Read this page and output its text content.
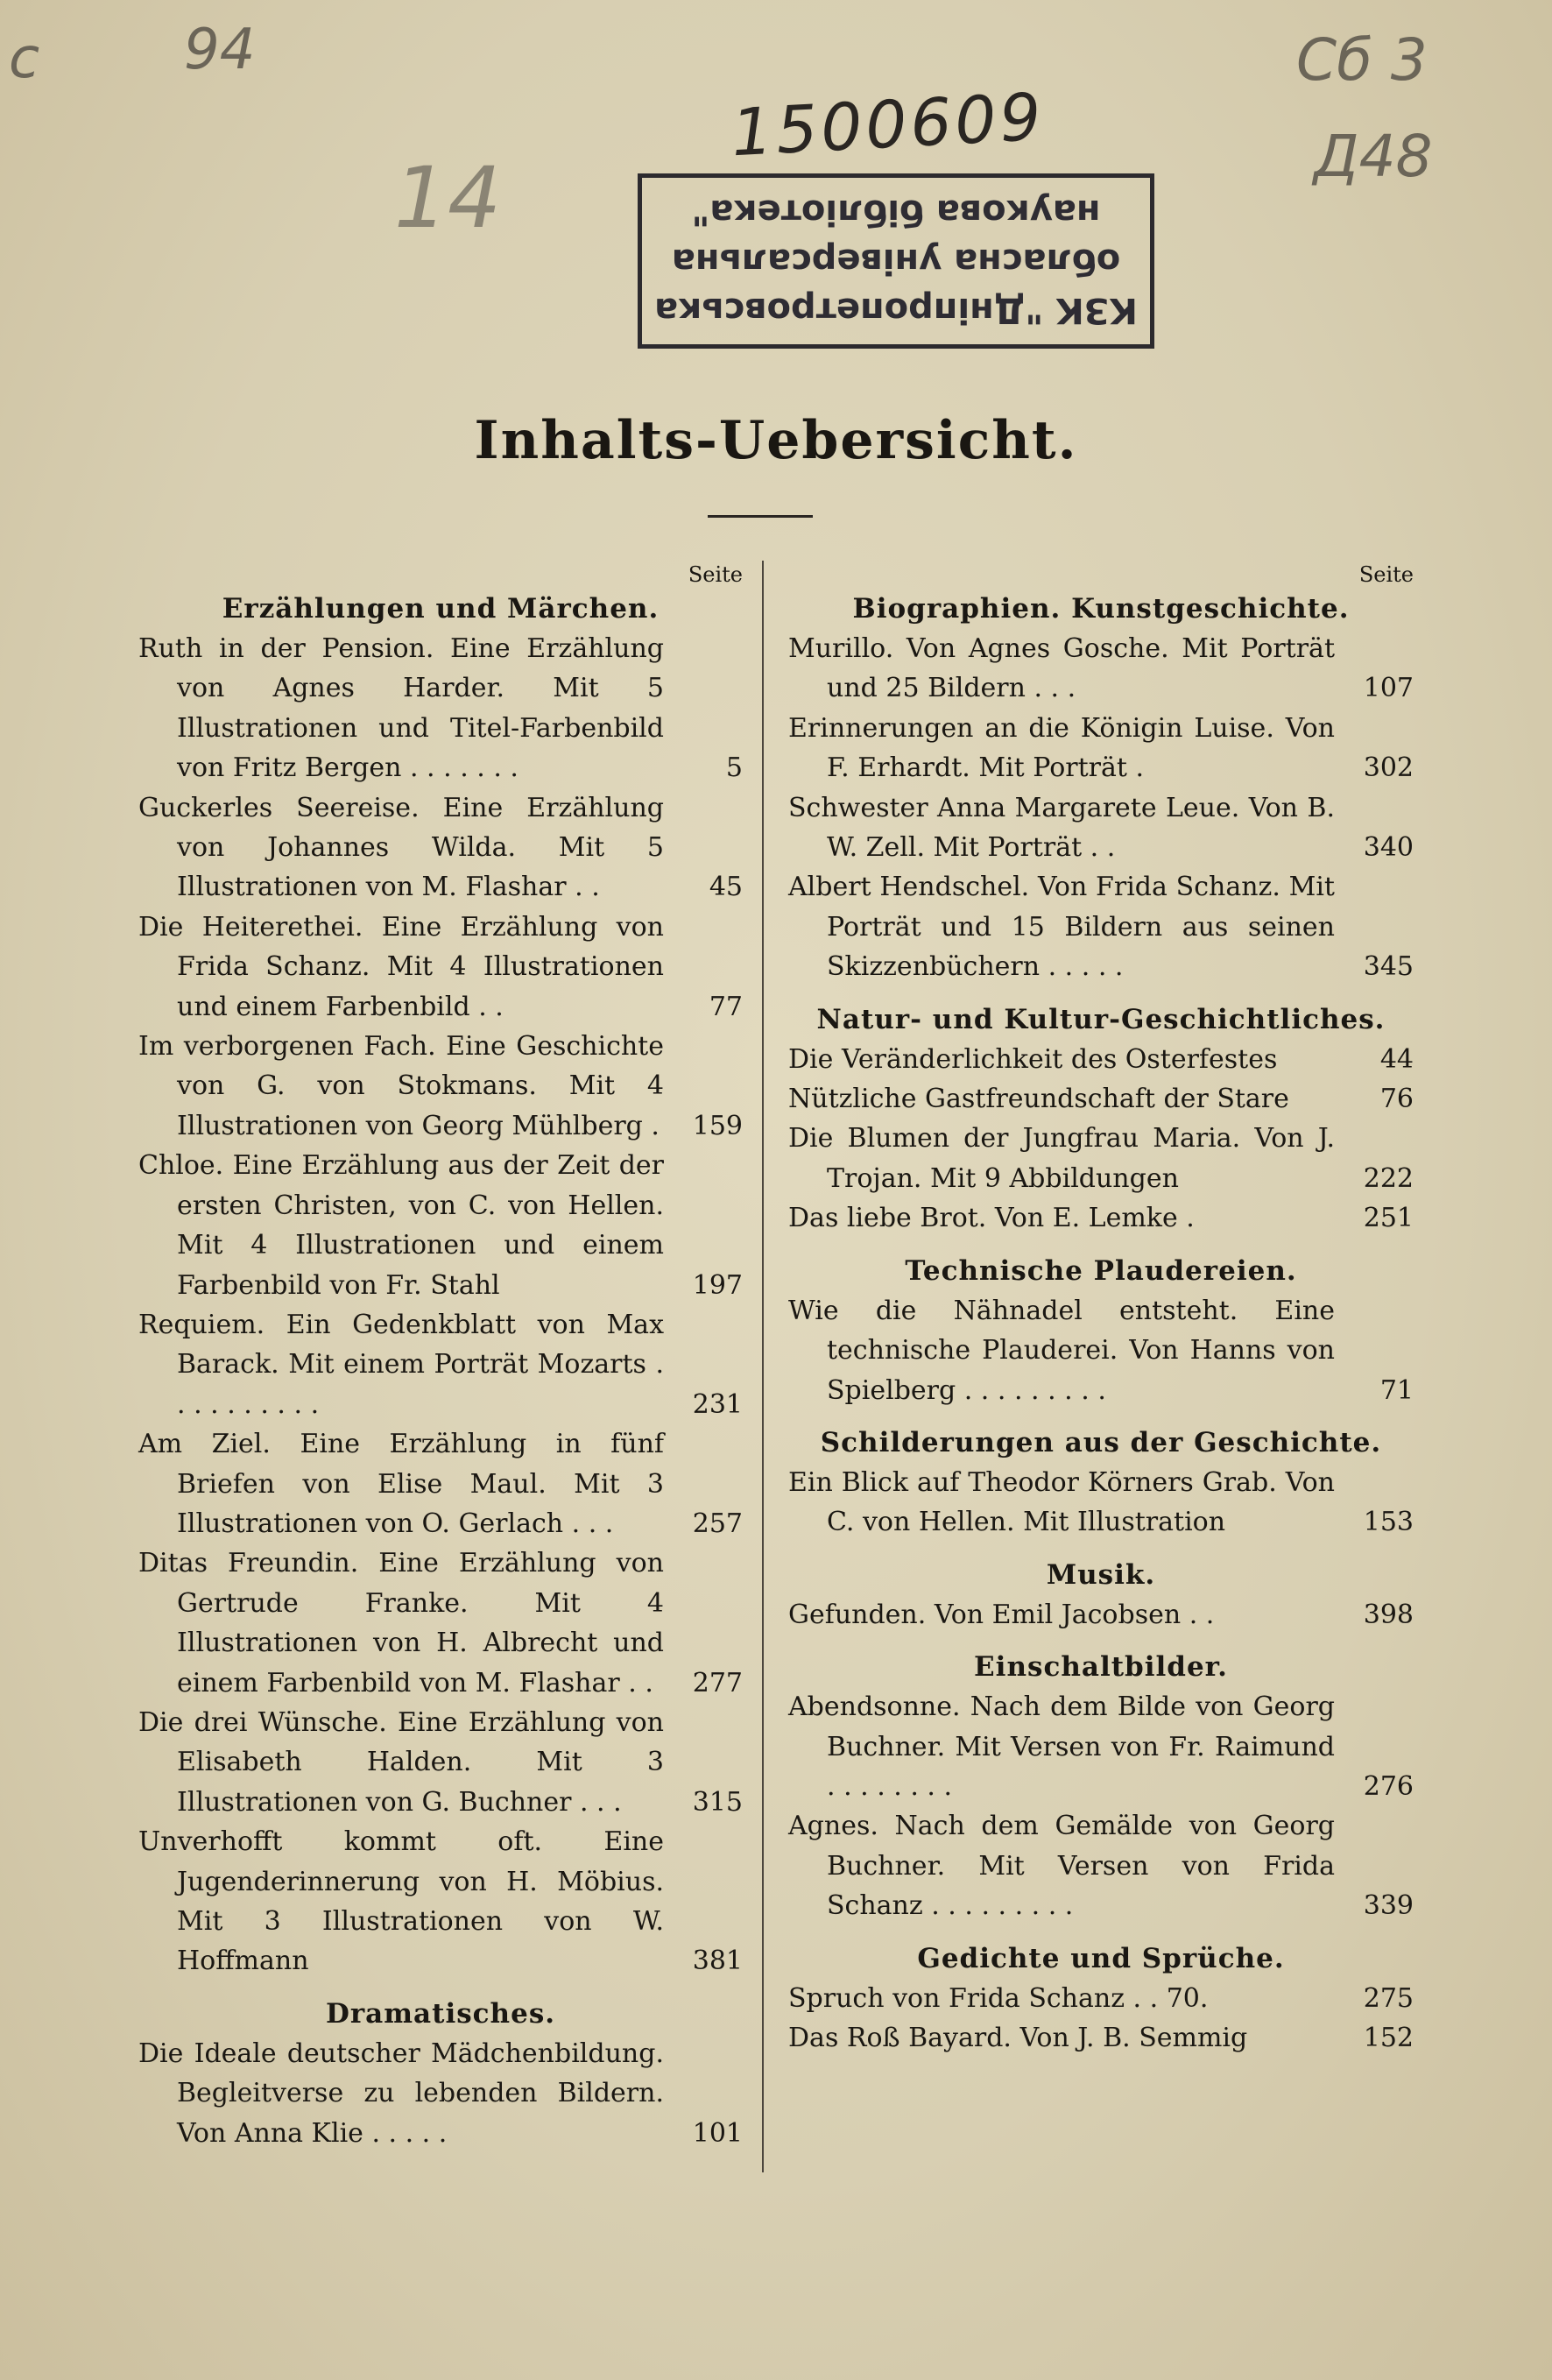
c	94
1500609
14
Сб 3
Д48
КЗК "Дніпропетровська
обласна універсальна
наукова бібліотека"
Inhalts-Uebersicht.
Seite
Erzählungen und Märchen.
Ruth in der Pension. Eine Erzählung von Agnes Harder. Mit 5 Illustrationen und Titel-Farbenbild von Fritz Bergen . . . . . . .	5
Guckerles Seereise. Eine Erzählung von Johannes Wilda. Mit 5 Illustrationen von M. Flashar . .	45
Die Heiterethei. Eine Erzählung von Frida Schanz. Mit 4 Illustrationen und einem Farbenbild . .	77
Im verborgenen Fach. Eine Geschichte von G. von Stokmans. Mit 4 Illustrationen von Georg Mühlberg .	159
Chloe. Eine Erzählung aus der Zeit der ersten Christen, von C. von Hellen. Mit 4 Illustrationen und einem Farbenbild von Fr. Stahl	197
Requiem. Ein Gedenkblatt von Max Barack. Mit einem Porträt Mozarts . . . . . . . . . .	231
Am Ziel. Eine Erzählung in fünf Briefen von Elise Maul. Mit 3 Illustrationen von O. Gerlach . . .	257
Ditas Freundin. Eine Erzählung von Gertrude Franke. Mit 4 Illustrationen von H. Albrecht und einem Farbenbild von M. Flashar . .	277
Die drei Wünsche. Eine Erzählung von Elisabeth Halden. Mit 3 Illustrationen von G. Buchner . . .	315
Unverhofft kommt oft. Eine Jugenderinnerung von H. Möbius. Mit 3 Illustrationen von W. Hoffmann	381
Dramatisches.
Die Ideale deutscher Mädchenbildung. Begleitverse zu lebenden Bildern. Von Anna Klie . . . . .	101
Seite
Biographien. Kunstgeschichte.
Murillo. Von Agnes Gosche. Mit Porträt und 25 Bildern . . .	107
Erinnerungen an die Königin Luise. Von F. Erhardt. Mit Porträt .	302
Schwester Anna Margarete Leue. Von B. W. Zell. Mit Porträt . .	340
Albert Hendschel. Von Frida Schanz. Mit Porträt und 15 Bildern aus seinen Skizzenbüchern . . . . .	345
Natur- und Kultur-Geschichtliches.
Die Veränderlichkeit des Osterfestes	44
Nützliche Gastfreundschaft der Stare	76
Die Blumen der Jungfrau Maria. Von J. Trojan. Mit 9 Abbildungen	222
Das liebe Brot. Von E. Lemke .	251
Technische Plaudereien.
Wie die Nähnadel entsteht. Eine technische Plauderei. Von Hanns von Spielberg . . . . . . . . .	71
Schilderungen aus der Geschichte.
Ein Blick auf Theodor Körners Grab. Von C. von Hellen. Mit Illustration	153
Musik.
Gefunden. Von Emil Jacobsen . .	398
Einschaltbilder.
Abendsonne. Nach dem Bilde von Georg Buchner. Mit Versen von Fr. Raimund . . . . . . . .	276
Agnes. Nach dem Gemälde von Georg Buchner. Mit Versen von Frida Schanz . . . . . . . . .	339
Gedichte und Sprüche.
Spruch von Frida Schanz . . 70.	275
Das Roß Bayard. Von J. B. Semmig	152
